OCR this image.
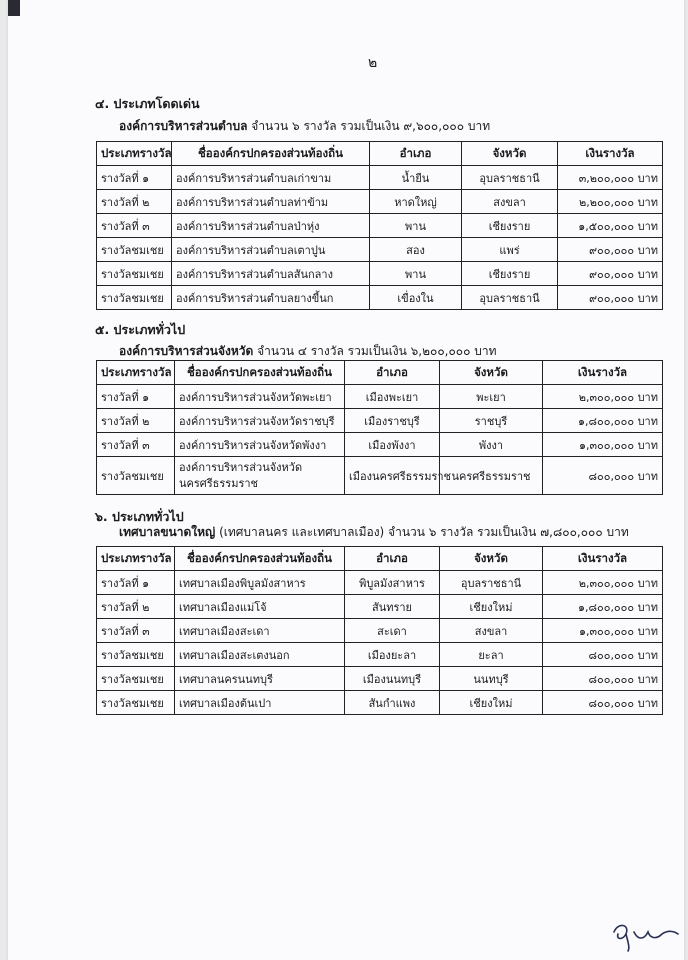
๒
๔. ประเภทโดดเด่น
องค์การบริหารส่วนตำบล จำนวน ๖ รางวัล รวมเป็นเงิน ๙,๖๐๐,๐๐๐ บาท
ประเภทรางวัล	ชื่อองค์กรปกครองส่วนท้องถิ่น	อำเภอ	จังหวัด	เงินรางวัล
รางวัลที่ ๑	องค์การบริหารส่วนตำบลเก่าขาม	น้ำยืน	อุบลราชธานี	๓,๒๐๐,๐๐๐ บาท
รางวัลที่ ๒	องค์การบริหารส่วนตำบลท่าข้าม	หาดใหญ่	สงขลา	๒,๒๐๐,๐๐๐ บาท
รางวัลที่ ๓	องค์การบริหารส่วนตำบลป่าหุ่ง	พาน	เชียงราย	๑,๕๐๐,๐๐๐ บาท
รางวัลชมเชย	องค์การบริหารส่วนตำบลเตาปูน	สอง	แพร่	๙๐๐,๐๐๐ บาท
รางวัลชมเชย	องค์การบริหารส่วนตำบลสันกลาง	พาน	เชียงราย	๙๐๐,๐๐๐ บาท
รางวัลชมเชย	องค์การบริหารส่วนตำบลยางขี้นก	เขื่องใน	อุบลราชธานี	๙๐๐,๐๐๐ บาท
๕. ประเภททั่วไป
องค์การบริหารส่วนจังหวัด จำนวน ๔ รางวัล รวมเป็นเงิน ๖,๒๐๐,๐๐๐ บาท
ประเภทรางวัล	ชื่อองค์กรปกครองส่วนท้องถิ่น	อำเภอ	จังหวัด	เงินรางวัล
รางวัลที่ ๑	องค์การบริหารส่วนจังหวัดพะเยา	เมืองพะเยา	พะเยา	๒,๓๐๐,๐๐๐ บาท
รางวัลที่ ๒	องค์การบริหารส่วนจังหวัดราชบุรี	เมืองราชบุรี	ราชบุรี	๑,๘๐๐,๐๐๐ บาท
รางวัลที่ ๓	องค์การบริหารส่วนจังหวัดพังงา	เมืองพังงา	พังงา	๑,๓๐๐,๐๐๐ บาท
รางวัลชมเชย	องค์การบริหารส่วนจังหวัด นครศรีธรรมราช	เมืองนครศรีธรรมราช	นครศรีธรรมราช	๘๐๐,๐๐๐ บาท
๖. ประเภททั่วไป
เทศบาลขนาดใหญ่ (เทศบาลนคร และเทศบาลเมือง) จำนวน ๖ รางวัล รวมเป็นเงิน ๗,๘๐๐,๐๐๐ บาท
ประเภทรางวัล	ชื่อองค์กรปกครองส่วนท้องถิ่น	อำเภอ	จังหวัด	เงินรางวัล
รางวัลที่ ๑	เทศบาลเมืองพิบูลมังสาหาร	พิบูลมังสาหาร	อุบลราชธานี	๒,๓๐๐,๐๐๐ บาท
รางวัลที่ ๒	เทศบาลเมืองแม่โจ้	สันทราย	เชียงใหม่	๑,๘๐๐,๐๐๐ บาท
รางวัลที่ ๓	เทศบาลเมืองสะเดา	สะเดา	สงขลา	๑,๓๐๐,๐๐๐ บาท
รางวัลชมเชย	เทศบาลเมืองสะเตงนอก	เมืองยะลา	ยะลา	๘๐๐,๐๐๐ บาท
รางวัลชมเชย	เทศบาลนครนนทบุรี	เมืองนนทบุรี	นนทบุรี	๘๐๐,๐๐๐ บาท
รางวัลชมเชย	เทศบาลเมืองต้นเปา	สันกำแพง	เชียงใหม่	๘๐๐,๐๐๐ บาท
